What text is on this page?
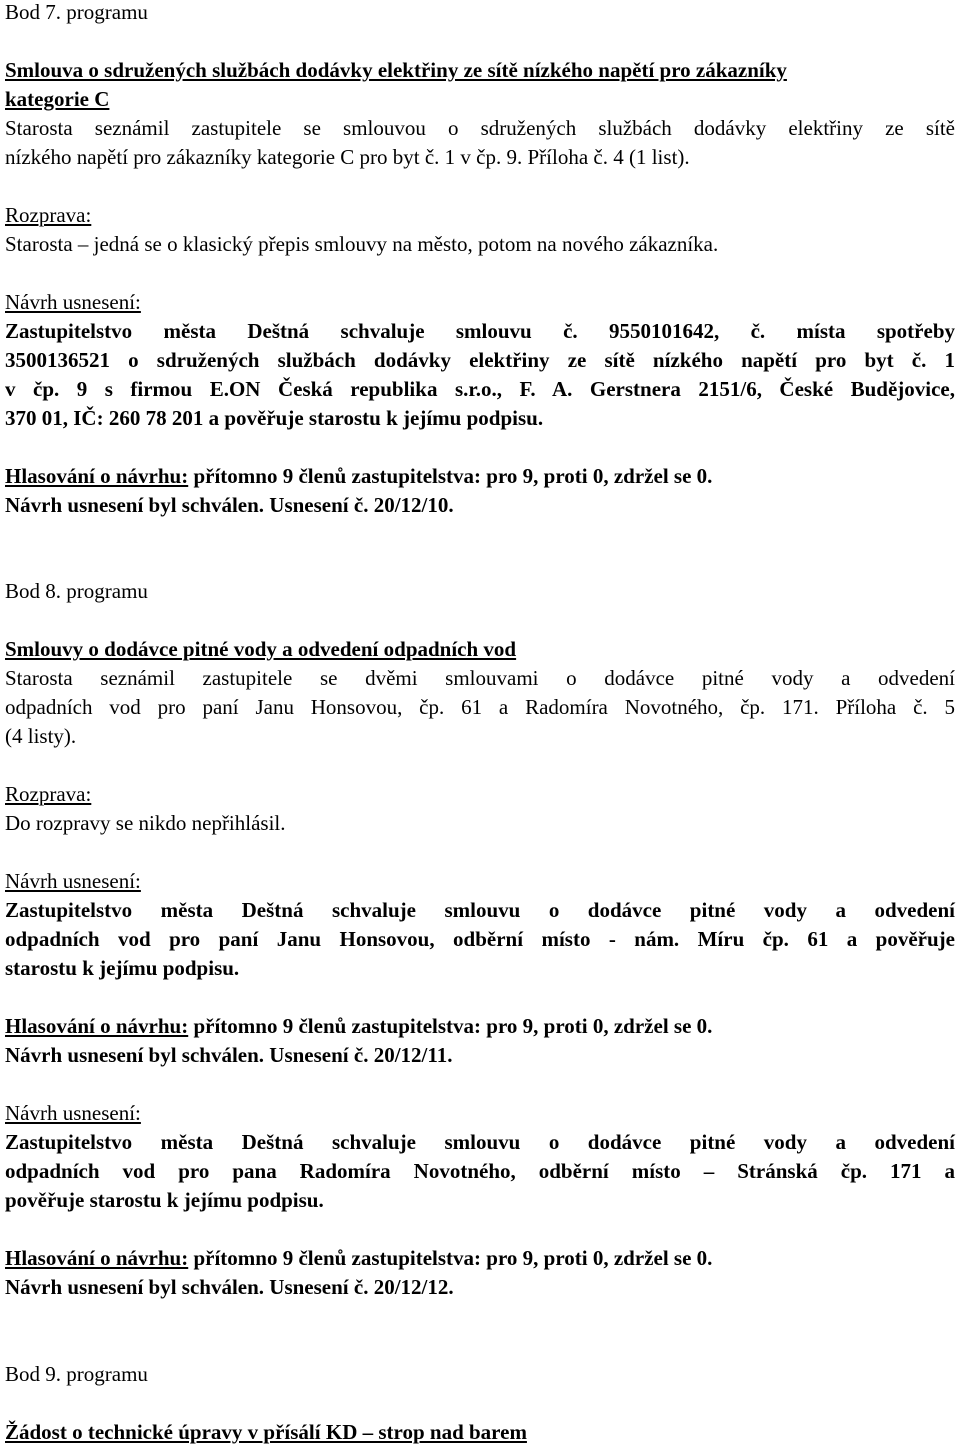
Bod 7. programu
Smlouva o sdružených službách dodávky elektřiny ze sítě nízkého napětí pro zákazníky
kategorie C
Starosta seznámil zastupitele se smlouvou o sdružených službách dodávky elektřiny ze sítě
nízkého napětí pro zákazníky kategorie C pro byt č. 1 v čp. 9. Příloha č. 4 (1 list).
Rozprava:
Starosta – jedná se o klasický přepis smlouvy na město, potom na nového zákazníka.
Návrh usnesení:
Zastupitelstvo města Deštná schvaluje smlouvu č. 9550101642, č. místa spotřeby
3500136521 o sdružených službách dodávky elektřiny ze sítě nízkého napětí pro byt č. 1
v čp. 9 s firmou E.ON Česká republika s.r.o., F. A. Gerstnera 2151/6, České Budějovice,
370 01, IČ: 260 78 201 a pověřuje starostu k jejímu podpisu.
Hlasování o návrhu: přítomno 9 členů zastupitelstva: pro 9, proti 0, zdržel se 0.
Návrh usnesení byl schválen. Usnesení č. 20/12/10.
Bod 8. programu
Smlouvy o dodávce pitné vody a odvedení odpadních vod
Starosta seznámil zastupitele se dvěmi smlouvami o dodávce pitné vody a odvedení
odpadních vod pro paní Janu Honsovou, čp. 61 a Radomíra Novotného, čp. 171. Příloha č. 5
(4 listy).
Rozprava:
Do rozpravy se nikdo nepřihlásil.
Návrh usnesení:
Zastupitelstvo města Deštná schvaluje smlouvu o dodávce pitné vody a odvedení
odpadních vod pro paní Janu Honsovou, odběrní místo - nám. Míru čp. 61 a pověřuje
starostu k jejímu podpisu.
Hlasování o návrhu: přítomno 9 členů zastupitelstva: pro 9, proti 0, zdržel se 0.
Návrh usnesení byl schválen. Usnesení č. 20/12/11.
Návrh usnesení:
Zastupitelstvo města Deštná schvaluje smlouvu o dodávce pitné vody a odvedení
odpadních vod pro pana Radomíra Novotného, odběrní místo – Stránská čp. 171 a
pověřuje starostu k jejímu podpisu.
Hlasování o návrhu: přítomno 9 členů zastupitelstva: pro 9, proti 0, zdržel se 0.
Návrh usnesení byl schválen. Usnesení č. 20/12/12.
Bod 9. programu
Žádost o technické úpravy v přísálí KD – strop nad barem
